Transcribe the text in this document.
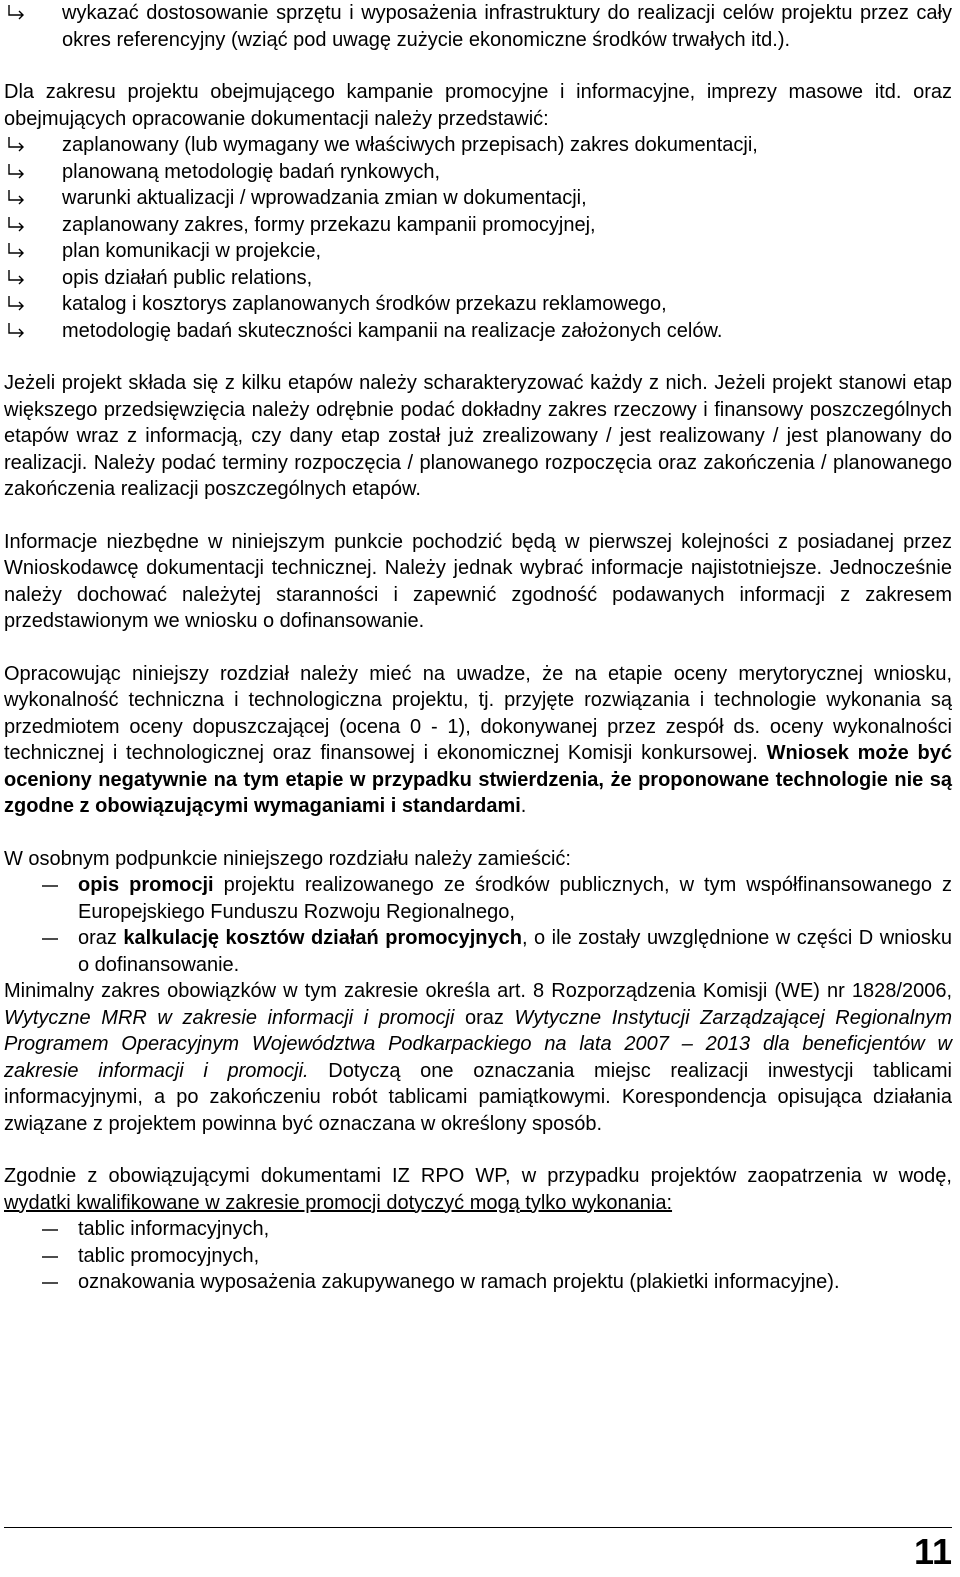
wykazać dostosowanie sprzętu i wyposażenia infrastruktury do realizacji celów projektu przez cały okres referencyjny (wziąć pod uwagę zużycie ekonomiczne środków trwałych itd.).

Dla zakresu projektu obejmującego kampanie promocyjne i informacyjne, imprezy masowe itd. oraz obejmujących opracowanie dokumentacji należy przedstawić:

zaplanowany (lub wymagany we właściwych przepisach) zakres dokumentacji,
planowaną metodologię badań rynkowych,
warunki aktualizacji / wprowadzania zmian w dokumentacji,
zaplanowany zakres, formy przekazu kampanii promocyjnej,
plan komunikacji w projekcie,
opis działań public relations,
katalog i kosztorys zaplanowanych środków przekazu reklamowego,
metodologię badań skuteczności kampanii na realizacje założonych celów.

Jeżeli projekt składa się z kilku etapów należy scharakteryzować każdy z nich. Jeżeli projekt stanowi etap większego przedsięwzięcia należy odrębnie podać dokładny zakres rzeczowy i finansowy poszczególnych etapów wraz z informacją, czy dany etap został już zrealizowany / jest realizowany / jest planowany do realizacji. Należy podać terminy rozpoczęcia / planowanego rozpoczęcia oraz zakończenia / planowanego zakończenia realizacji poszczególnych etapów.

Informacje niezbędne w niniejszym punkcie pochodzić będą w pierwszej kolejności z posiadanej przez Wnioskodawcę dokumentacji technicznej. Należy jednak wybrać informacje najistotniejsze. Jednocześnie należy dochować należytej staranności i zapewnić zgodność podawanych informacji z zakresem przedstawionym we wniosku o dofinansowanie.

Opracowując niniejszy rozdział należy mieć na uwadze, że na etapie oceny merytorycznej wniosku, wykonalność techniczna i technologiczna projektu, tj. przyjęte rozwiązania i technologie wykonania są przedmiotem oceny dopuszczającej (ocena 0 - 1), dokonywanej przez zespół ds. oceny wykonalności technicznej i technologicznej oraz finansowej i ekonomicznej Komisji konkursowej. Wniosek może być oceniony negatywnie na tym etapie w przypadku stwierdzenia, że proponowane technologie nie są zgodne z obowiązującymi wymaganiami i standardami.

W osobnym podpunkcie niniejszego rozdziału należy zamieścić:

opis promocji projektu realizowanego ze środków publicznych, w tym współfinansowanego z Europejskiego Funduszu Rozwoju Regionalnego,
oraz kalkulację kosztów działań promocyjnych, o ile zostały uwzględnione w części D wniosku o dofinansowanie.

Minimalny zakres obowiązków w tym zakresie określa art. 8 Rozporządzenia Komisji (WE) nr 1828/2006, Wytyczne MRR w zakresie informacji i promocji oraz Wytyczne Instytucji Zarządzającej Regionalnym Programem Operacyjnym Województwa Podkarpackiego na lata 2007 – 2013 dla beneficjentów w zakresie informacji i promocji. Dotyczą one oznaczania miejsc realizacji inwestycji tablicami informacyjnymi, a po zakończeniu robót tablicami pamiątkowymi. Korespondencja opisująca działania związane z projektem powinna być oznaczana w określony sposób.

Zgodnie z obowiązującymi dokumentami IZ RPO WP, w przypadku projektów zaopatrzenia w wodę, wydatki kwalifikowane w zakresie promocji dotyczyć mogą tylko wykonania:

tablic informacyjnych,
tablic promocyjnych,
oznakowania wyposażenia zakupywanego w ramach projektu (plakietki informacyjne).
11
